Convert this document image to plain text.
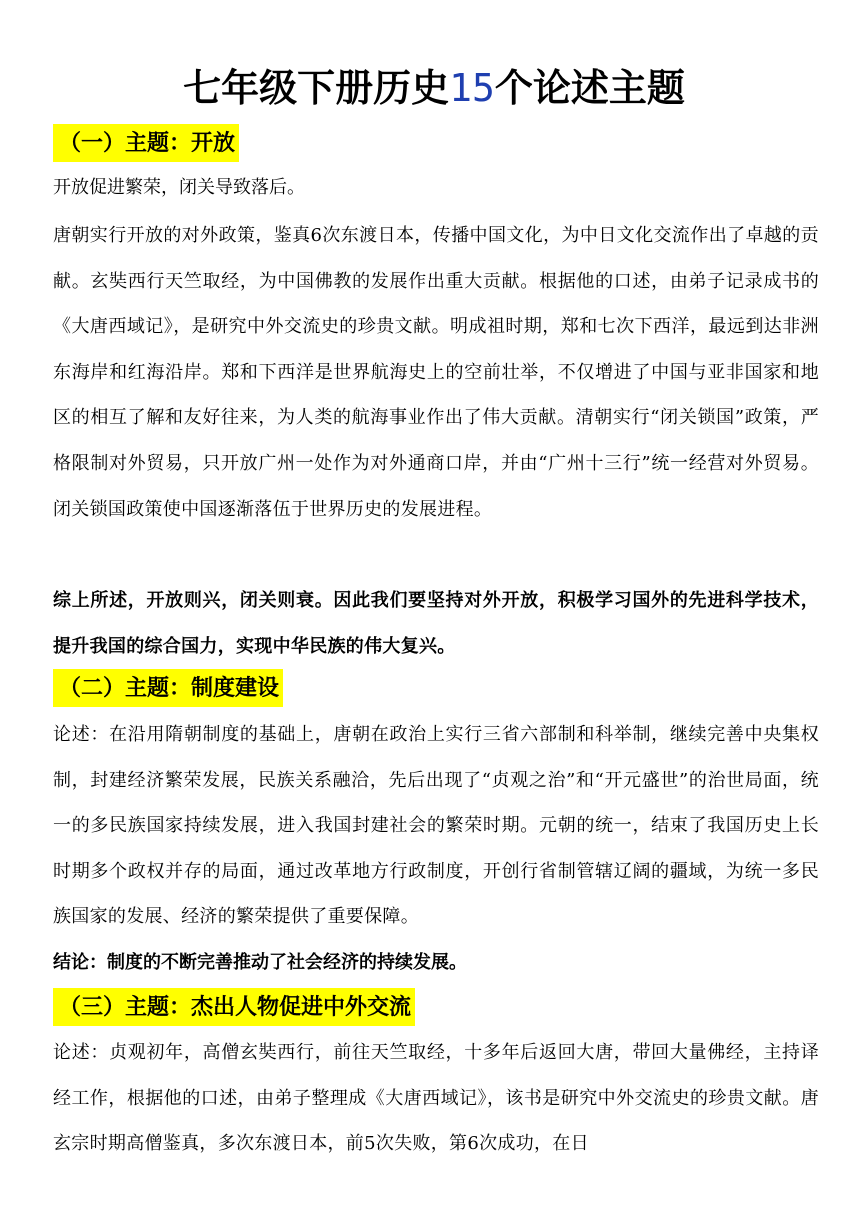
七年级下册历史15个论述主题
（一）主题：开放
开放促进繁荣，闭关导致落后。
唐朝实行开放的对外政策，鉴真6次东渡日本，传播中国文化，为中日文化交流作出了卓越的贡献。玄奘西行天竺取经，为中国佛教的发展作出重大贡献。根据他的口述，由弟子记录成书的《大唐西域记》，是研究中外交流史的珍贵文献。明成祖时期，郑和七次下西洋，最远到达非洲东海岸和红海沿岸。郑和下西洋是世界航海史上的空前壮举，不仅增进了中国与亚非国家和地区的相互了解和友好往来，为人类的航海事业作出了伟大贡献。清朝实行“闭关锁国”政策，严格限制对外贸易，只开放广州一处作为对外通商口岸，并由“广州十三行”统一经营对外贸易。闭关锁国政策使中国逐渐落伍于世界历史的发展进程。
综上所述，开放则兴，闭关则衰。因此我们要坚持对外开放，积极学习国外的先进科学技术，提升我国的综合国力，实现中华民族的伟大复兴。
（二）主题：制度建设
论述：在沿用隋朝制度的基础上，唐朝在政治上实行三省六部制和科举制，继续完善中央集权制，封建经济繁荣发展，民族关系融洽，先后出现了“贞观之治”和“开元盛世”的治世局面，统一的多民族国家持续发展，进入我国封建社会的繁荣时期。元朝的统一，结束了我国历史上长时期多个政权并存的局面，通过改革地方行政制度，开创行省制管辖辽阔的疆域，为统一多民族国家的发展、经济的繁荣提供了重要保障。
结论：制度的不断完善推动了社会经济的持续发展。
（三）主题：杰出人物促进中外交流
论述：贞观初年，高僧玄奘西行，前往天竺取经，十多年后返回大唐，带回大量佛经，主持译经工作，根据他的口述，由弟子整理成《大唐西域记》，该书是研究中外交流史的珍贵文献。唐玄宗时期高僧鉴真，多次东渡日本，前5次失败，第6次成功，在日
